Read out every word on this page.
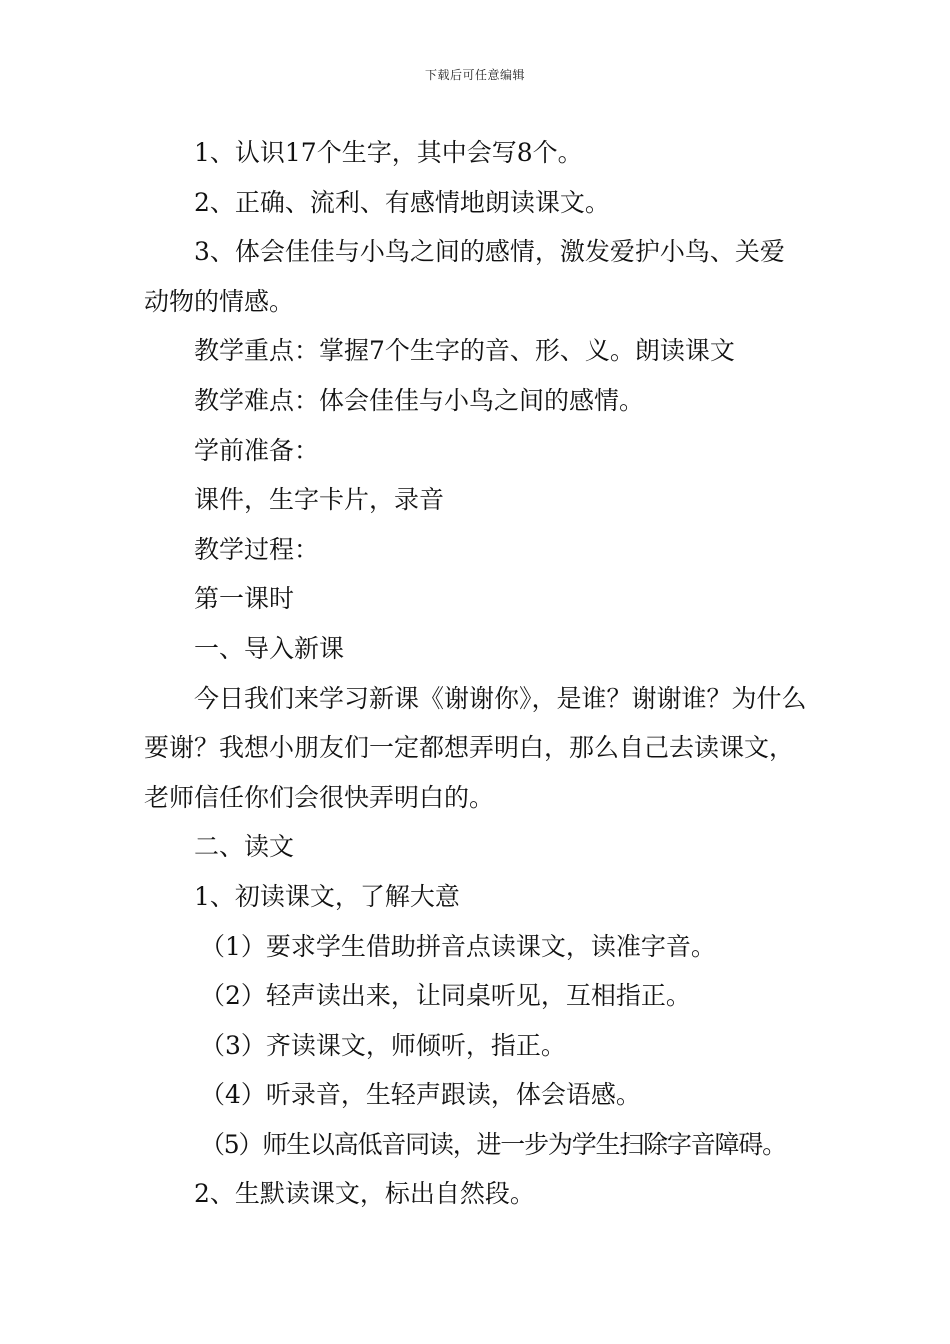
下载后可任意编辑

1、认识17个生字，其中会写8个。

2、正确、流利、有感情地朗读课文。

3、体会佳佳与小鸟之间的感情，激发爱护小鸟、关爱动物的情感。

教学重点：掌握7个生字的音、形、义。朗读课文

教学难点：体会佳佳与小鸟之间的感情。

学前准备：

课件，生字卡片，录音

教学过程：

第一课时

一、导入新课

今日我们来学习新课《谢谢你》，是谁？谢谢谁？为什么要谢？我想小朋友们一定都想弄明白，那么自己去读课文，老师信任你们会很快弄明白的。

二、读文

1、初读课文，了解大意

（1）要求学生借助拼音点读课文，读准字音。

（2）轻声读出来，让同桌听见，互相指正。

（3）齐读课文，师倾听，指正。

（4）听录音，生轻声跟读，体会语感。

（5）师生以高低音同读，进一步为学生扫除字音障碍。

2、生默读课文，标出自然段。
